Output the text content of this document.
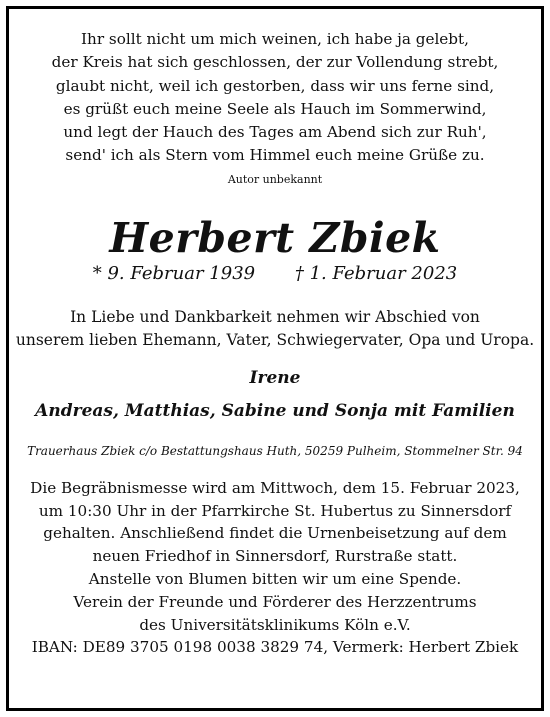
Ihr sollt nicht um mich weinen, ich habe ja gelebt,
der Kreis hat sich geschlossen, der zur Vollendung strebt,
glaubt nicht, weil ich gestorben, dass wir uns ferne sind,
es grüßt euch meine Seele als Hauch im Sommerwind,
und legt der Hauch des Tages am Abend sich zur Ruh',
send' ich als Stern vom Himmel euch meine Grüße zu.
Autor unbekannt
Herbert Zbiek
* 9. Februar 1939 † 1. Februar 2023
In Liebe und Dankbarkeit nehmen wir Abschied von
unserem lieben Ehemann, Vater, Schwiegervater, Opa und Uropa.
Irene
Andreas, Matthias, Sabine und Sonja mit Familien
Trauerhaus Zbiek c/o Bestattungshaus Huth, 50259 Pulheim, Stommelner Str. 94
Die Begräbnismesse wird am Mittwoch, dem 15. Februar 2023,
um 10:30 Uhr in der Pfarrkirche St. Hubertus zu Sinnersdorf
gehalten. Anschließend findet die Urnenbeisetzung auf dem
neuen Friedhof in Sinnersdorf, Rurstraße statt.
Anstelle von Blumen bitten wir um eine Spende.
Verein der Freunde und Förderer des Herzzentrums
des Universitätsklinikums Köln e.V.
IBAN: DE89 3705 0198 0038 3829 74, Vermerk: Herbert Zbiek
